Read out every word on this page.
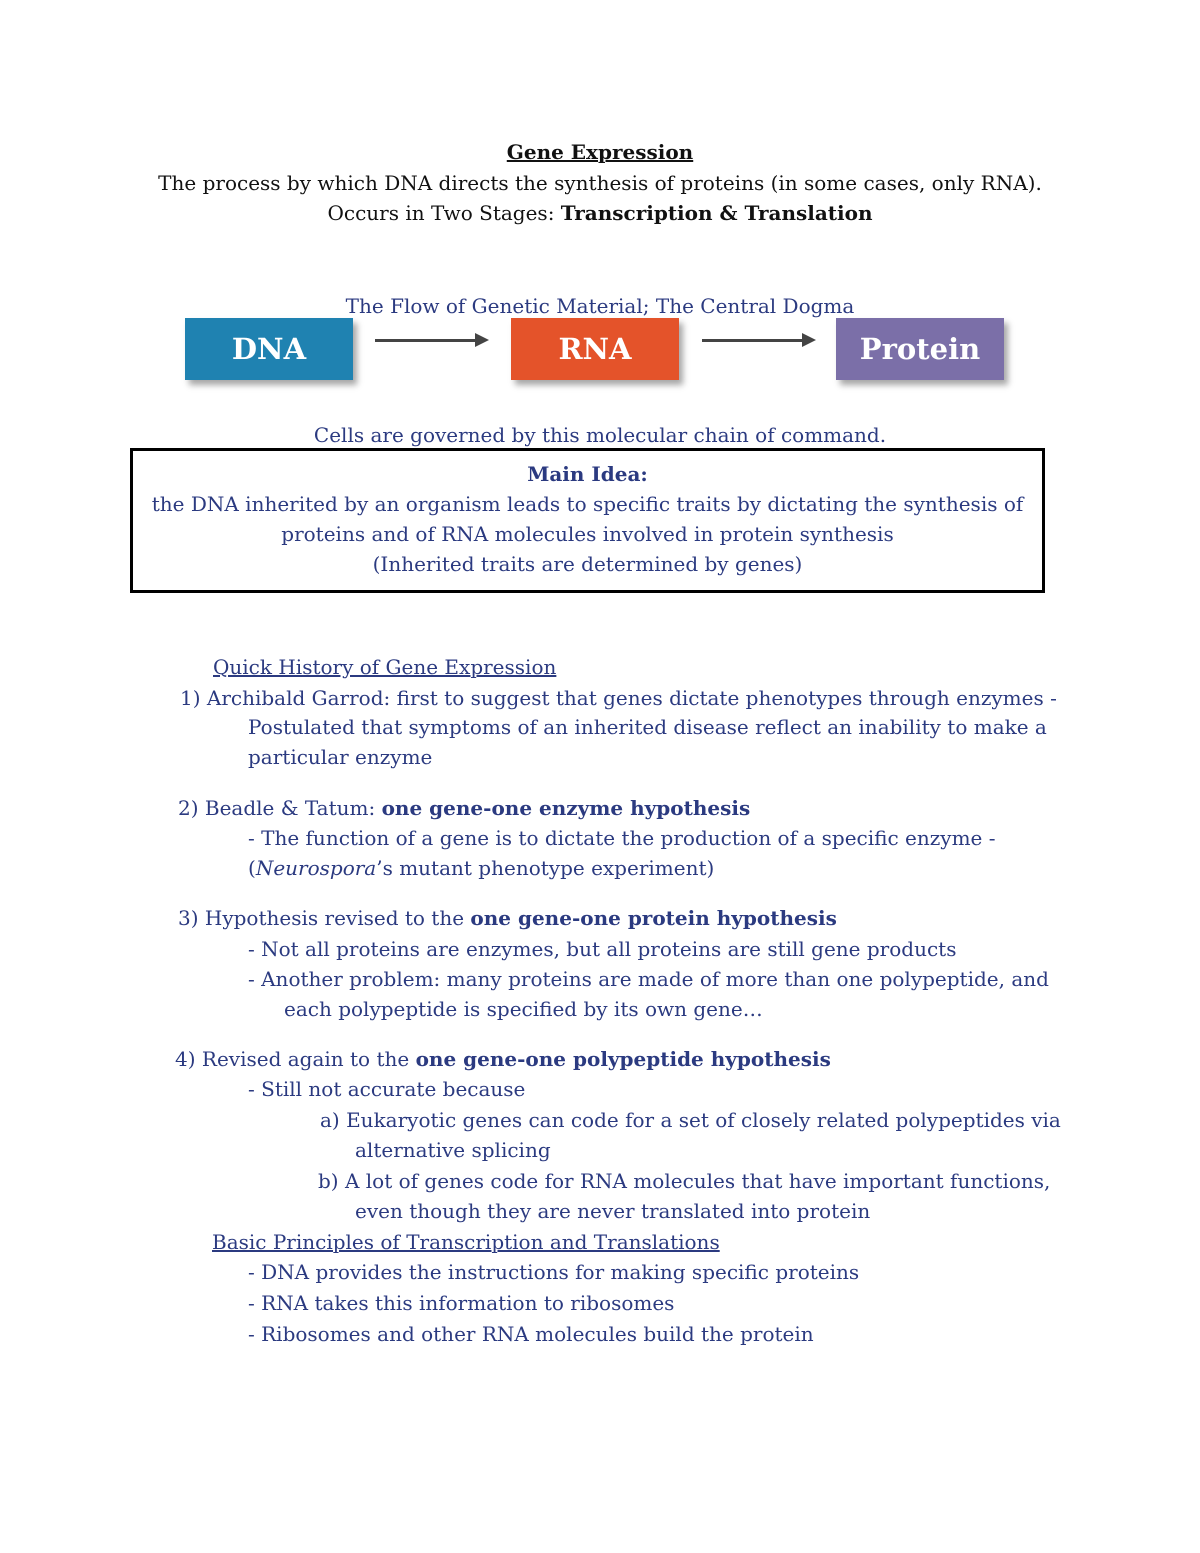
Gene Expression
The process by which DNA directs the synthesis of proteins (in some cases, only RNA).
Occurs in Two Stages: Transcription & Translation
The Flow of Genetic Material; The Central Dogma
DNA	RNA	Protein
Cells are governed by this molecular chain of command.
Main Idea:
the DNA inherited by an organism leads to specific traits by dictating the synthesis of
proteins and of RNA molecules involved in protein synthesis
(Inherited traits are determined by genes)
Quick History of Gene Expression
1) Archibald Garrod: first to suggest that genes dictate phenotypes through enzymes -
Postulated that symptoms of an inherited disease reflect an inability to make a
particular enzyme
2) Beadle & Tatum: one gene-one enzyme hypothesis
- The function of a gene is to dictate the production of a specific enzyme -
(Neurospora’s mutant phenotype experiment)
3) Hypothesis revised to the one gene-one protein hypothesis
- Not all proteins are enzymes, but all proteins are still gene products
- Another problem: many proteins are made of more than one polypeptide, and
each polypeptide is specified by its own gene…
4) Revised again to the one gene-one polypeptide hypothesis
- Still not accurate because
a) Eukaryotic genes can code for a set of closely related polypeptides via
alternative splicing
b) A lot of genes code for RNA molecules that have important functions,
even though they are never translated into protein
Basic Principles of Transcription and Translations
- DNA provides the instructions for making specific proteins
- RNA takes this information to ribosomes
- Ribosomes and other RNA molecules build the protein
